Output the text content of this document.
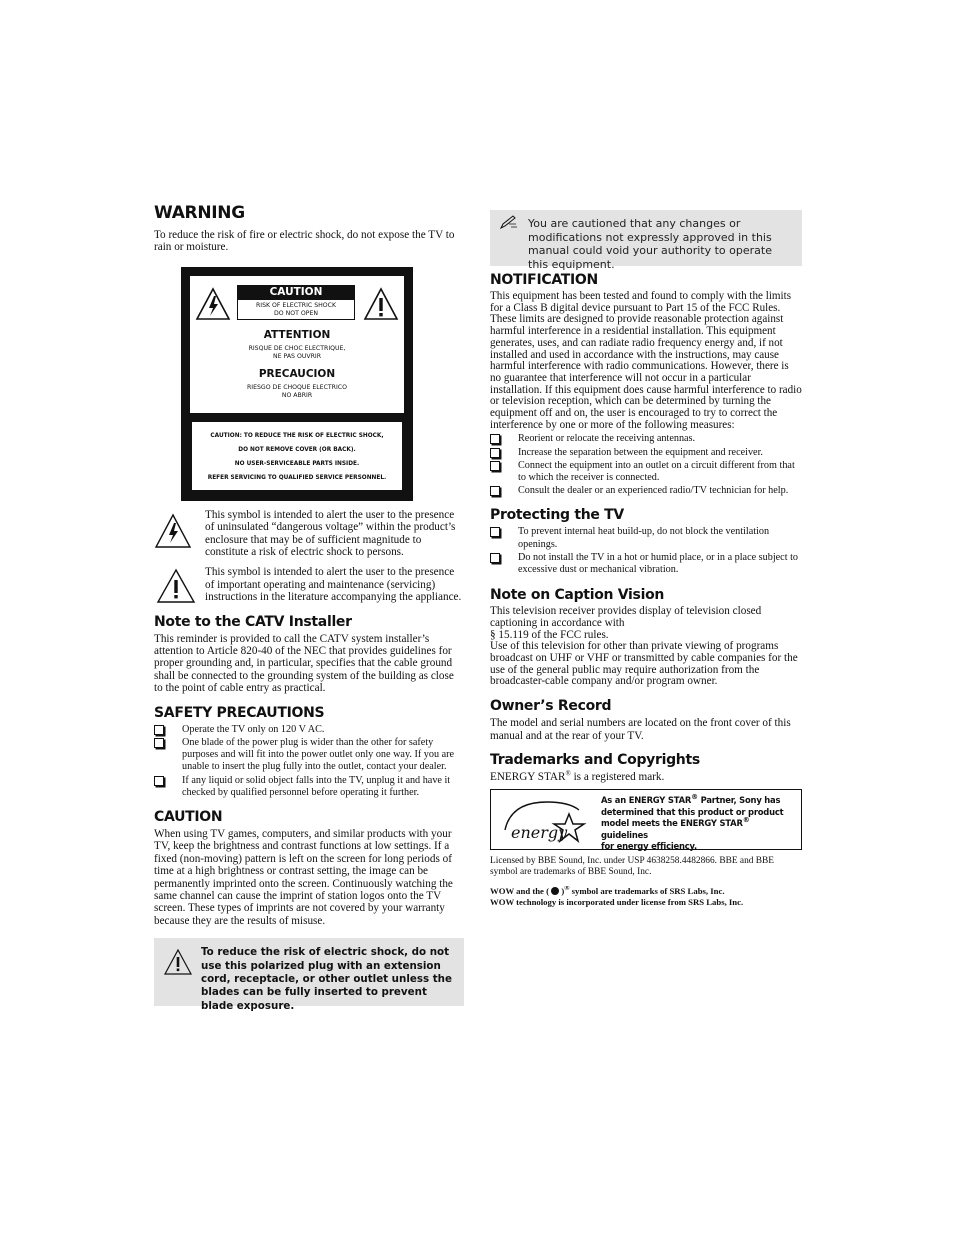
WARNING

To reduce the risk of fire or electric shock, do not expose the TV to rain or moisture.

CAUTION
RISK OF ELECTRIC SHOCK
DO NOT OPEN
ATTENTION
RISQUE DE CHOC ELECTRIQUE,
NE PAS OUVRIR
PRECAUCION
RIESGO DE CHOQUE ELECTRICO
NO ABRIR
CAUTION: TO REDUCE THE RISK OF ELECTRIC SHOCK,
DO NOT REMOVE COVER (OR BACK).
NO USER-SERVICEABLE PARTS INSIDE.
REFER SERVICING TO QUALIFIED SERVICE PERSONNEL.

This symbol is intended to alert the user to the presence of uninsulated “dangerous voltage” within the product’s enclosure that may be of sufficient magnitude to constitute a risk of electric shock to persons.

This symbol is intended to alert the user to the presence of important operating and maintenance (servicing) instructions in the literature accompanying the appliance.

Note to the CATV Installer

This reminder is provided to call the CATV system installer’s attention to Article 820-40 of the NEC that provides guidelines for proper grounding and, in particular, specifies that the cable ground shall be connected to the grounding system of the building as close to the point of cable entry as practical.

SAFETY PRECAUTIONS
Operate the TV only on 120 V AC.
One blade of the power plug is wider than the other for safety purposes and will fit into the power outlet only one way. If you are unable to insert the plug fully into the outlet, contact your dealer.
If any liquid or solid object falls into the TV, unplug it and have it checked by qualified personnel before operating it further.
CAUTION

When using TV games, computers, and similar products with your TV, keep the brightness and contrast functions at low settings. If a fixed (non-moving) pattern is left on the screen for long periods of time at a high brightness or contrast setting, the image can be permanently imprinted onto the screen. Continuously watching the same channel can cause the imprint of station logos onto the TV screen. These types of imprints are not covered by your warranty because they are the results of misuse.

To reduce the risk of electric shock, do not use this polarized plug with an extension cord, receptacle, or other outlet unless the blades can be fully inserted to prevent blade exposure.
You are cautioned that any changes or modifications not expressly approved in this manual could void your authority to operate this equipment.
NOTIFICATION

This equipment has been tested and found to comply with the limits for a Class B digital device pursuant to Part 15 of the FCC Rules. These limits are designed to provide reasonable protection against harmful interference in a residential installation. This equipment generates, uses, and can radiate radio frequency energy and, if not installed and used in accordance with the instructions, may cause harmful interference with radio communications. However, there is no guarantee that interference will not occur in a particular installation. If this equipment does cause harmful interference to radio or television reception, which can be determined by turning the equipment off and on, the user is encouraged to try to correct the interference by one or more of the following measures:

Reorient or relocate the receiving antennas.
Increase the separation between the equipment and receiver.
Connect the equipment into an outlet on a circuit different from that to which the receiver is connected.
Consult the dealer or an experienced radio/TV technician for help.
Protecting the TV
To prevent internal heat build-up, do not block the ventilation openings.
Do not install the TV in a hot or humid place, or in a place subject to excessive dust or mechanical vibration.
Note on Caption Vision

This television receiver provides display of television closed captioning in accordance with

§ 15.119 of the FCC rules.

Use of this television for other than private viewing of programs broadcast on UHF or VHF or transmitted by cable companies for the use of the general public may require authorization from the broadcaster-cable company and/or program owner.

Owner’s Record

The model and serial numbers are located on the front cover of this manual and at the rear of your TV.

Trademarks and Copyrights

ENERGY STAR® is a registered mark.

energy
As an ENERGY STAR® Partner, Sony has
determined that this product or product
model meets the ENERGY STAR® guidelines
for energy efficiency.

Licensed by BBE Sound, Inc. under USP 4638258.4482866. BBE and BBE symbol are trademarks of BBE Sound, Inc.

WOW and the ( )® symbol are trademarks of SRS Labs, Inc.
WOW technology is incorporated under license from SRS Labs, Inc.
